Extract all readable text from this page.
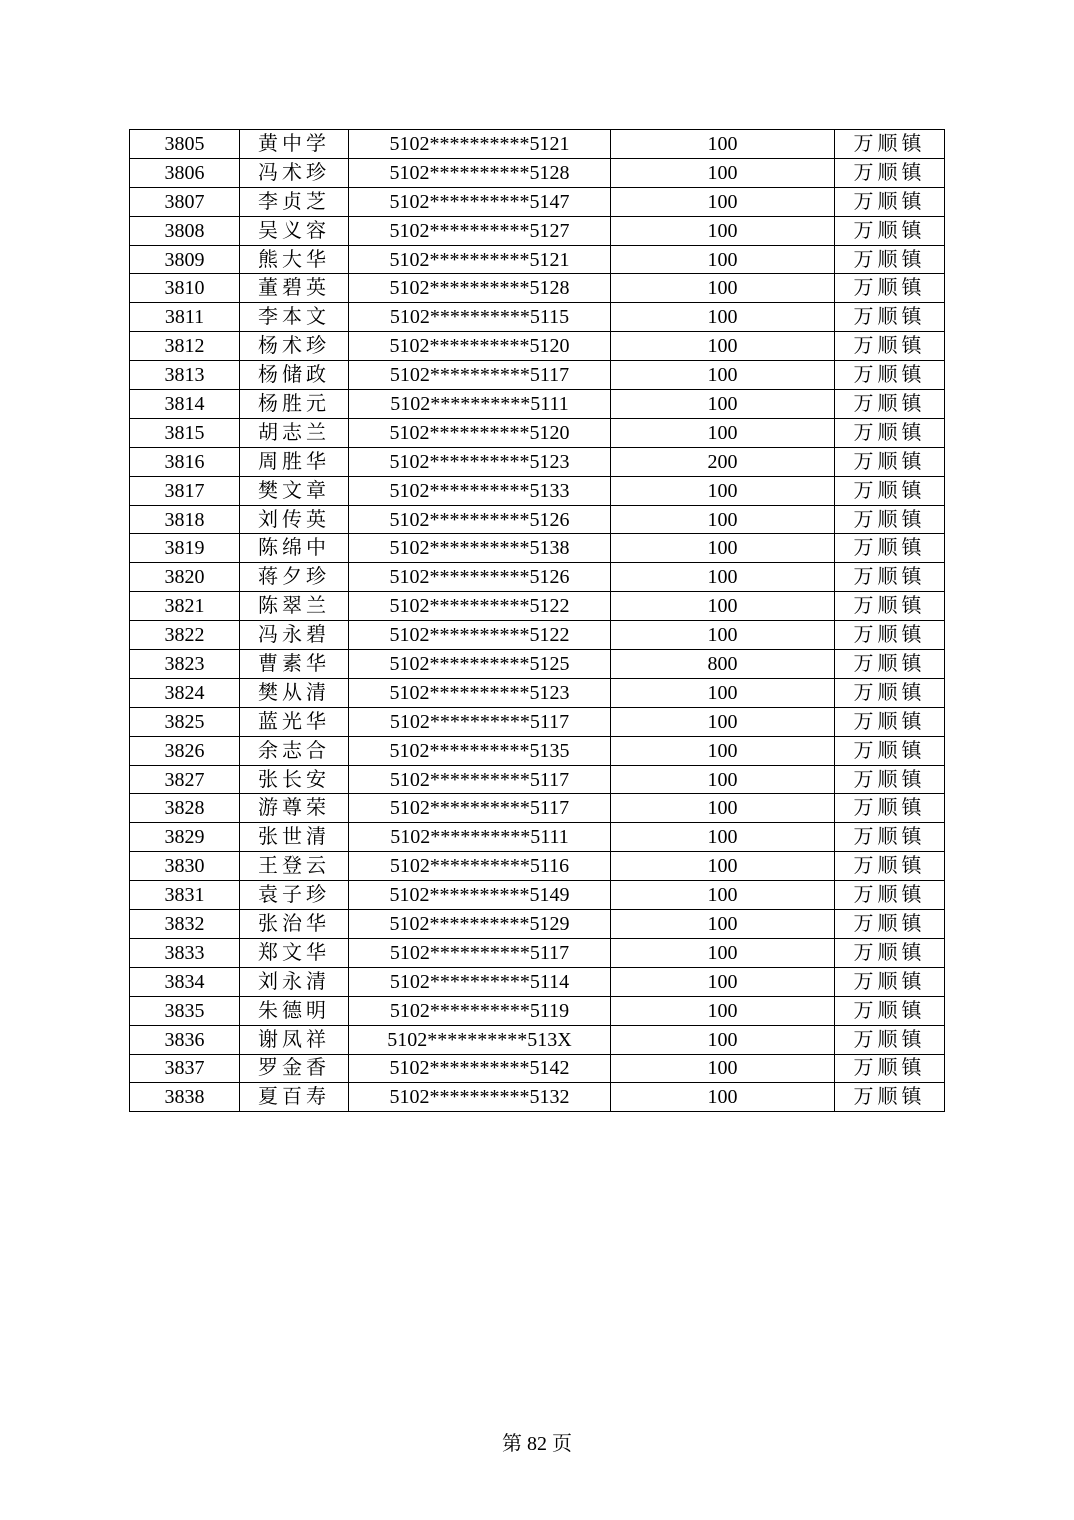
3805	黄中学	5102**********5121	100	万顺镇
3806	冯术珍	5102**********5128	100	万顺镇
3807	李贞芝	5102**********5147	100	万顺镇
3808	吴义容	5102**********5127	100	万顺镇
3809	熊大华	5102**********5121	100	万顺镇
3810	董碧英	5102**********5128	100	万顺镇
3811	李本文	5102**********5115	100	万顺镇
3812	杨术珍	5102**********5120	100	万顺镇
3813	杨储政	5102**********5117	100	万顺镇
3814	杨胜元	5102**********5111	100	万顺镇
3815	胡志兰	5102**********5120	100	万顺镇
3816	周胜华	5102**********5123	200	万顺镇
3817	樊文章	5102**********5133	100	万顺镇
3818	刘传英	5102**********5126	100	万顺镇
3819	陈绵中	5102**********5138	100	万顺镇
3820	蒋夕珍	5102**********5126	100	万顺镇
3821	陈翠兰	5102**********5122	100	万顺镇
3822	冯永碧	5102**********5122	100	万顺镇
3823	曹素华	5102**********5125	800	万顺镇
3824	樊从清	5102**********5123	100	万顺镇
3825	蓝光华	5102**********5117	100	万顺镇
3826	余志合	5102**********5135	100	万顺镇
3827	张长安	5102**********5117	100	万顺镇
3828	游尊荣	5102**********5117	100	万顺镇
3829	张世清	5102**********5111	100	万顺镇
3830	王登云	5102**********5116	100	万顺镇
3831	袁子珍	5102**********5149	100	万顺镇
3832	张治华	5102**********5129	100	万顺镇
3833	郑文华	5102**********5117	100	万顺镇
3834	刘永清	5102**********5114	100	万顺镇
3835	朱德明	5102**********5119	100	万顺镇
3836	谢凤祥	5102**********513X	100	万顺镇
3837	罗金香	5102**********5142	100	万顺镇
3838	夏百寿	5102**********5132	100	万顺镇
第 82 页
